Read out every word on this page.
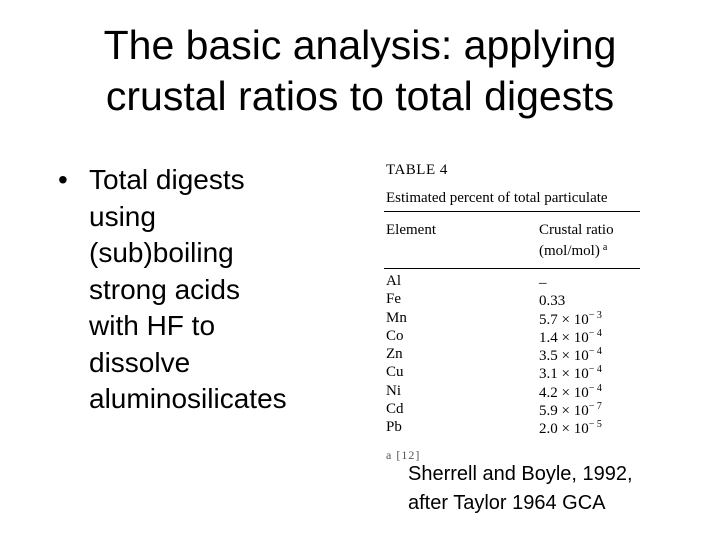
The basic analysis: applying
crustal ratios to total digests
• Total digests
using
(sub)boiling
strong acids
with HF to
dissolve
aluminosilicates
TABLE 4
Estimated percent of total particulate
Element	Crustal ratio
(mol/mol) $^a$
Al	–
Fe	0.33
Mn	$5.7 \times 10^{- 3}$
Co	$1.4 \times 10^{- 4}$
Zn	$3.5 \times 10^{- 4}$
Cu	$3.1 \times 10^{- 4}$
Ni	$4.2 \times 10^{- 4}$
Cd	$5.9 \times 10^{- 7}$
Pb	$2.0 \times 10^{- 5}$
a [12]
Sherrell and Boyle, 1992,
after Taylor 1964 GCA
